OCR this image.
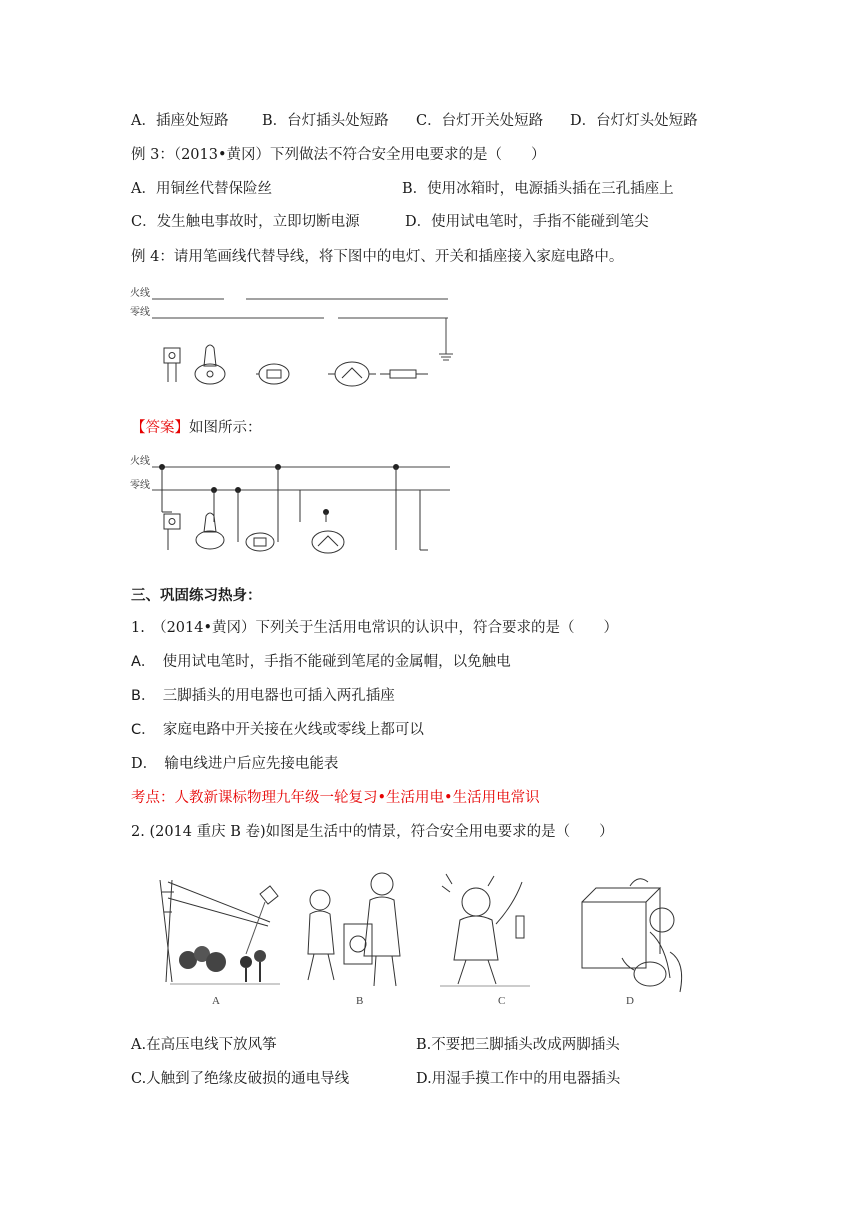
A．插座处短路 B．台灯插头处短路 C．台灯开关处短路 D．台灯灯头处短路
例 3：（2013•黄冈）下列做法不符合安全用电要求的是（　　）
A．用铜丝代替保险丝	B．使用冰箱时，电源插头插在三孔插座上
C．发生触电事故时，立即切断电源	D．使用试电笔时，手指不能碰到笔尖
例 4：请用笔画线代替导线，将下图中的电灯、开关和插座接入家庭电路中。
火线
零线
【答案】如图所示：
火线
零线
三、巩固练习热身：
1.　（2014•黄冈）下列关于生活用电常识的认识中，符合要求的是（　　）
A．　使用试电笔时，手指不能碰到笔尾的金属帽，以免触电
B．　三脚插头的用电器也可插入两孔插座
C．　家庭电路中开关接在火线或零线上都可以
D．　输电线进户后应先接电能表
考点：人教新课标物理九年级一轮复习•生活用电•生活用电常识
2. (2014 重庆 B 卷)如图是生活中的情景，符合安全用电要求的是（　　）
A	B	C	D
A.在高压电线下放风筝	B.不要把三脚插头改成两脚插头
C.人触到了绝缘皮破损的通电导线	D.用湿手摸工作中的用电器插头
